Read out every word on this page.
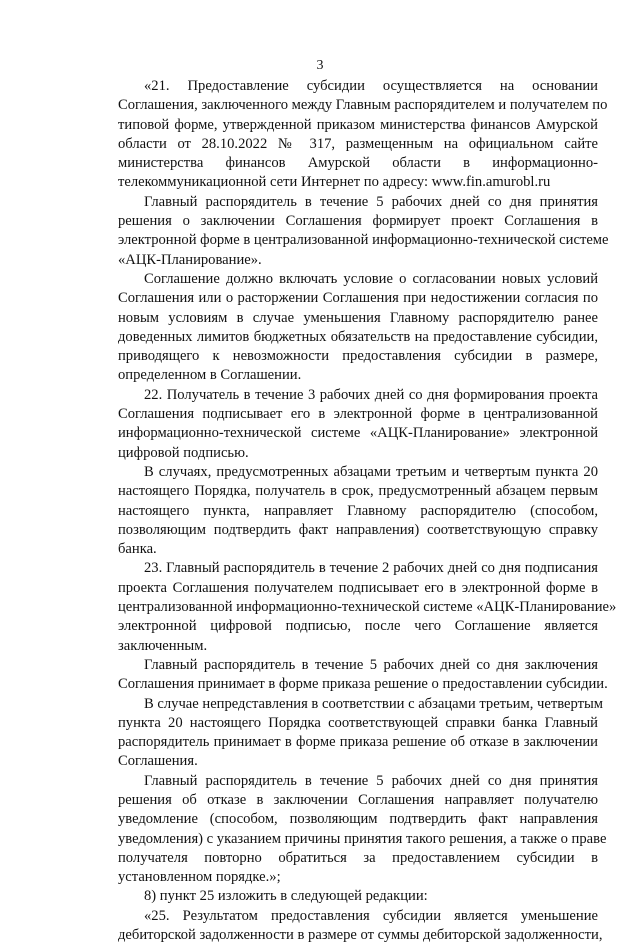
3
«21. Предоставление субсидии осуществляется на основании
Соглашения, заключенного между Главным распорядителем и получателем по
типовой форме, утвержденной приказом министерства финансов Амурской
области от 28.10.2022 № 317, размещенным на официальном сайте
министерства финансов Амурской области в информационно-
телекоммуникационной сети Интернет по адресу: www.fin.amurobl.ru
Главный распорядитель в течение 5 рабочих дней со дня принятия
решения о заключении Соглашения формирует проект Соглашения в
электронной форме в централизованной информационно-технической системе
«АЦК-Планирование».
Соглашение должно включать условие о согласовании новых условий
Соглашения или о расторжении Соглашения при недостижении согласия по
новым условиям в случае уменьшения Главному распорядителю ранее
доведенных лимитов бюджетных обязательств на предоставление субсидии,
приводящего к невозможности предоставления субсидии в размере,
определенном в Соглашении.
22. Получатель в течение 3 рабочих дней со дня формирования проекта
Соглашения подписывает его в электронной форме в централизованной
информационно-технической системе «АЦК-Планирование» электронной
цифровой подписью.
В случаях, предусмотренных абзацами третьим и четвертым пункта 20
настоящего Порядка, получатель в срок, предусмотренный абзацем первым
настоящего пункта, направляет Главному распорядителю (способом,
позволяющим подтвердить факт направления) соответствующую справку
банка.
23. Главный распорядитель в течение 2 рабочих дней со дня подписания
проекта Соглашения получателем подписывает его в электронной форме в
централизованной информационно-технической системе «АЦК-Планирование»
электронной цифровой подписью, после чего Соглашение является
заключенным.
Главный распорядитель в течение 5 рабочих дней со дня заключения
Соглашения принимает в форме приказа решение о предоставлении субсидии.
В случае непредставления в соответствии с абзацами третьим, четвертым
пункта 20 настоящего Порядка соответствующей справки банка Главный
распорядитель принимает в форме приказа решение об отказе в заключении
Соглашения.
Главный распорядитель в течение 5 рабочих дней со дня принятия
решения об отказе в заключении Соглашения направляет получателю
уведомление (способом, позволяющим подтвердить факт направления
уведомления) с указанием причины принятия такого решения, а также о праве
получателя повторно обратиться за предоставлением субсидии в
установленном порядке.»;
8) пункт 25 изложить в следующей редакции:
«25. Результатом предоставления субсидии является уменьшение
дебиторской задолженности в размере от суммы дебиторской задолженности,
